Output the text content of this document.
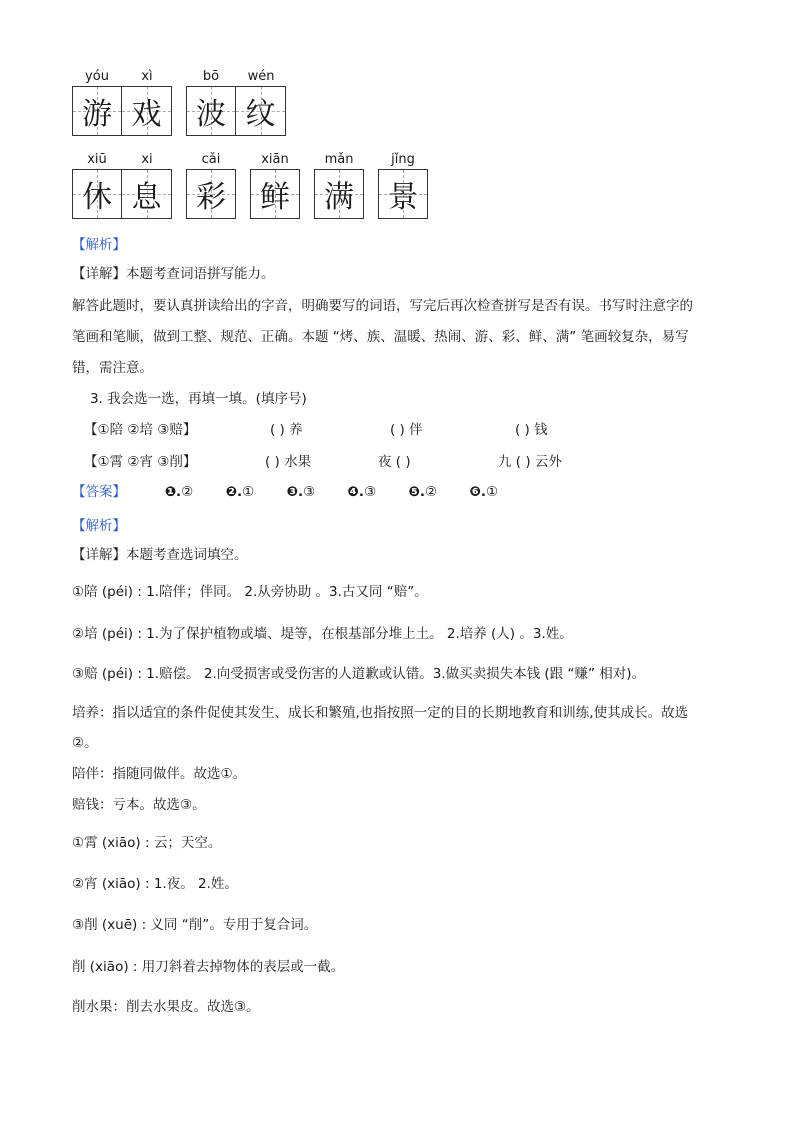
yóu
游
xì
戏
bō
波
wén
纹
xiū
休
xi
息
cǎi
彩
xiān
鲜
mǎn
满
jǐng
景
【解析】
【详解】本题考查词语拼写能力。
解答此题时，要认真拼读给出的字音，明确要写的词语，写完后再次检查拼写是否有误。书写时注意字的
笔画和笔顺，做到工整、规范、正确。本题 “烤、族、温暖、热闹、游、彩、鲜、满” 笔画较复杂，易写
错，需注意。
3. 我会选一选，再填一填。(填序号)
【①陪 ②培 ③赔】	( ) 养	( ) 伴	( ) 钱
【①霄 ②宵 ③削】	( ) 水果	夜 ( )	九 ( ) 云外
【答案】	❶.② ❷.① ❸.③ ❹.③ ❺.② ❻.①
【解析】
【详解】本题考查选词填空。
①陪 (péi) : 1.陪伴；伴同。 2.从旁协助 。3.古又同 “赔”。
②培 (péi) : 1.为了保护植物或墙、堤等，在根基部分堆上土。 2.培养 (人) 。3.姓。
③赔 (péi) : 1.赔偿。 2.向受损害或受伤害的人道歉或认错。3.做买卖损失本钱 (跟 “赚” 相对)。
培养：指以适宜的条件促使其发生、成长和繁殖,也指按照一定的目的长期地教育和训练,使其成长。故选
②。
陪伴：指随同做伴。故选①。
赔钱：亏本。故选③。
①霄 (xiāo) : 云；天空。
②宵 (xiāo) : 1.夜。 2.姓。
③削 (xuē) : 义同 “削”。专用于复合词。
削 (xiāo) : 用刀斜着去掉物体的表层或一截。
削水果：削去水果皮。故选③。
